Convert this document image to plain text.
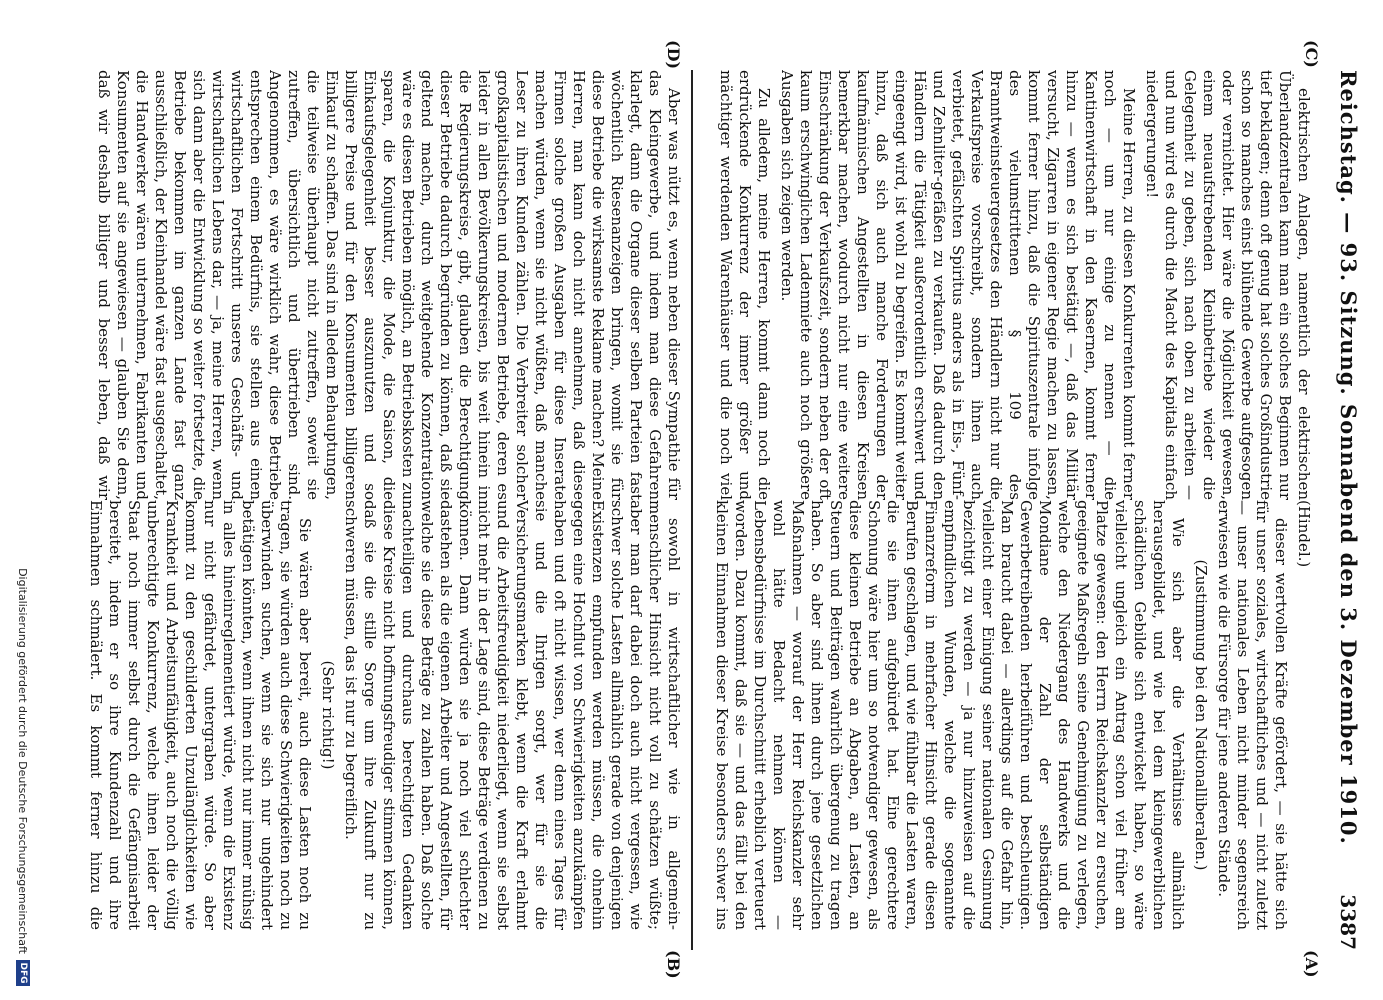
Reichstag. — 93. Sitzung. Sonnabend den 3. Dezember 1910.
3387
(A)
(B)
(C)
(D)

(Hindel.)

dieser wertvollen Kräfte gefördert, — sie hätte sich für unser soziales, wirtschaftliches und — nicht zuletzt — unser nationales Leben nicht minder segensreich erwiesen wie die Fürsorge für jene anderen Stände.

(Zustimmung bei den Nationalliberalen.)

Wie sich aber die Verhältnisse allmählich herausgebildet, und wie bei dem kleingewerblichen schädlichen Gebilde sich entwickelt haben, so wäre vielleicht ungleich ein Antrag schon viel früher am Platze gewesen: den Herrn Reichskanzler zu ersuchen, geeignete Maßregeln seine Genehmigung zu verlegen, welche den Niedergang des Handwerks und die Mondiane der Zahl der selbständigen Gewerbetreibenden herbeiführen und beschleunigen. Man braucht dabei — allerdings auf die Gefahr hin, vielleicht einer Einigung seiner nationalen Gesinnung bezichtigt zu werden — ja nur hinzuweisen auf die empfindlichen Wunden, welche die sogenannte Finanzreform in mehrfacher Hinsicht gerade diesen Berufen geschlagen, und wie fühlbar die Lasten waren, die sie ihnen aufgebürdet hat. Eine gerechtere Schonung wäre hier um so notwendiger gewesen, als diese kleinen Betriebe an Abgaben, an Lasten, an Steuern und Beiträgen wahrlich übergenug zu tragen haben. So aber sind ihnen durch jene gesetzlichen Maßnahmen — worauf der Herr Reichskanzler sehr wohl hätte Bedacht nehmen können — Lebensbedürfnisse im Durchschnitt erheblich verteuert worden. Dazu kommt, daß sie — und das fällt bei den kleinen Einnahmen dieser Kreise besonders schwer ins

sowohl in wirtschaftlicher wie in allgemein-menschlicher Hinsicht nicht voll zu schätzen wüßte; aber man darf dabei doch auch nicht vergessen, wie schwer solche Lasten allmählich gerade von denjenigen Existenzen empfunden werden müssen, die ohnehin gegen eine Hochflut von Schwierigkeiten anzukämpfen haben und oft nicht wissen, wer denn eines Tages für sie und die Ihrigen sorgt, wer für sie die Versicherungsmarken klebt, wenn die Kraft erlahmt und die Arbeitsfreudigkeit niederliegt, wenn sie selbst nicht mehr in der Lage sind, diese Beträge verdienen zu können. Dann würden sie ja noch viel schlechter dastehen als die eigenen Arbeiter und Angestellten, für welche sie diese Beträge zu zahlen haben. Daß solche nachteiligen und durchaus berechtigten Gedanken diese Kreise nicht hoffnungsfreudiger stimmen können, daß sie die stille Sorge um ihre Zukunft nur zu schweren müssen, das ist nur zu begreiflich.

(Sehr richtig!)

Sie wären aber bereit, auch diese Lasten noch zu tragen, sie würden auch diese Schwierigkeiten noch zu überwinden suchen, wenn sie sich nur ungehindert betätigen könnten, wenn ihnen nicht nur immer mühsig in alles hineinreglementiert würde, wenn die Existenz nur nicht gefährdet, untergraben würde. So aber kommt zu den geschilderten Unzulänglichkeiten wie Krankheit und Arbeitsunfähigkeit, auch noch die völlig unberechtigte Konkurrenz, welche ihnen leider der Staat noch immer selbst durch die Gefängnisarbeit bereitet, indem er so ihre Kundenzahl und ihre Einnahmen schmälert. Es kommt ferner hinzu die

elektrischen Anlagen, namentlich der elektrischen Überlandzentralen kann man ein solches Beginnen nur tief beklagen; denn oft genug hat solches Großindustrie schon so manches einst blühende Gewerbe aufgesogen oder vernichtet. Hier wäre die Möglichkeit gewesen, einem neuaufstrebenden Kleinbetriebe wieder die Gelegenheit zu geben, sich nach oben zu arbeiten — und nun wird es durch die Macht des Kapitals einfach niedergerungen!

Meine Herren, zu diesen Konkurrenten kommt ferner noch — um nur einige zu nennen — die Kantinenwirtschaft in den Kasernen, kommt ferner hinzu — wenn es sich bestätigt —, daß das Militär versucht, Zigarren in eigener Regie machen zu lassen, kommt ferner hinzu, daß die Spirituszentrale infolge des vielumstrittenen § 109 des Branntweinsteuergesetzes den Händlern nicht nur die Verkaufspreise vorschreibt, sondern ihnen auch verbietet, gefälschten Spiritus anders als in Eis-, Fünf- und Zehnliter-gefäßen zu verkaufen. Daß dadurch den Händlern die Tätigkeit außerordentlich erschwert und eingeengt wird, ist wohl zu begreifen. Es kommt weiter hinzu, daß sich auch manche Forderungen der kaufmännischen Angestellten in diesen Kreisen bemerkbar machen, wodurch nicht nur eine weitere Einschränkung der Verkaufszeit, sondern neben der oft kaum erschwinglichen Ladenmiete auch noch größere Ausgaben sich zeigen werden.

Zu alledem, meine Herren, kommt dann noch die erdrückende Konkurrenz der immer größer und mächtiger werdenden Warenhäuser und die noch viel

Aber was nützt es, wenn neben dieser Sympathie für das Kleingewerbe, und indem man diese Gefahren klarlegt, dann die Organe dieser selben Parteien fast wöchentlich Riesenanzeigen bringen, womit sie für diese Betriebe die wirksamste Reklame machen? Meine Herren, man kann doch nicht annehmen, daß diese Firmen solche großen Ausgaben für diese Inserate machen würden, wenn sie nicht wüßten, daß manche Leser zu ihren Kunden zählen. Die Verbreiter solcher großkapitalistischen und modernen Betriebe, deren es leider in allen Bevölkerungskreisen, bis weit hinein in die Regierungskreise, gibt, glauben die Berechtigung dieser Betriebe dadurch begründen zu können, daß sie geltend machen, durch weitgehende Konzentration wäre es diesen Betrieben möglich, an Betriebskosten zu sparen, die Konjunktur, die Mode, die Saison, die Einkaufsgelegenheit besser auszunutzen und so billigere Preise und für den Konsumenten billigeren Einkauf zu schaffen. Das sind in alledem Behauptungen, die teilweise überhaupt nicht zutreffen, soweit sie zutreffen, übersichtlich und übertrieben sind. Angenommen, es wäre wirklich wahr, diese Betriebe entsprechen einem Bedürfnis, sie stellen aus einen wirtschaftlichen Fortschritt unseres Geschäfts- und wirtschaftlichen Lebens dar, — ja, meine Herren, wenn sich dann aber die Entwicklung so weiter fortsetzte, die Betriebe bekommen im ganzen Lande fast ganz ausschließlich, der Kleinhandel wäre fast ausgeschaltet, die Handwerker wären unternehmen, Fabrikanten und Konsumenten auf sie angewiesen — glauben Sie denn, daß wir deshalb billiger und besser leben, daß wir

Digitalisierung gefördert durch die Deutsche Forschungsgemeinschaft
DFG
